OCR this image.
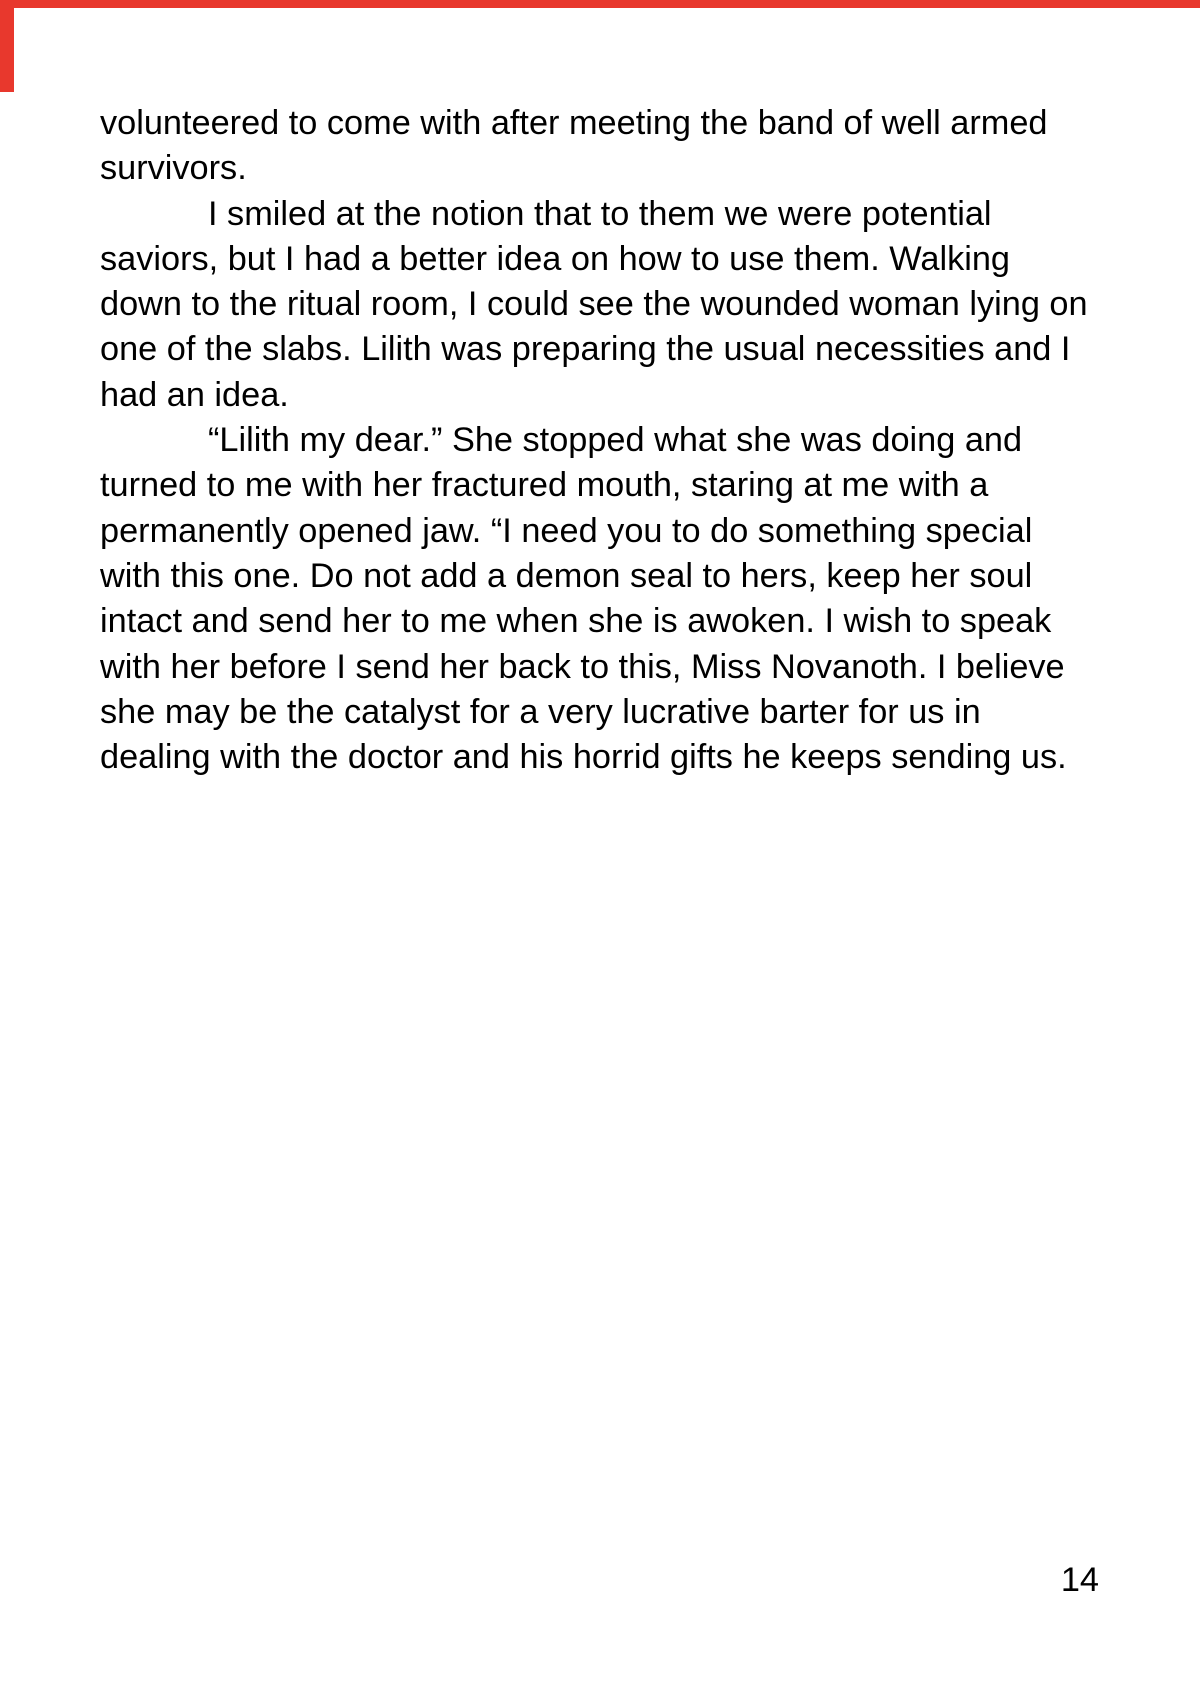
volunteered to come with after meeting the band of well armed
survivors.
I smiled at the notion that to them we were potential
saviors, but I had a better idea on how to use them. Walking
down to the ritual room, I could see the wounded woman lying on
one of the slabs. Lilith was preparing the usual necessities and I
had an idea.
“Lilith my dear.” She stopped what she was doing and
turned to me with her fractured mouth, staring at me with a
permanently opened jaw. “I need you to do something special
with this one. Do not add a demon seal to hers, keep her soul
intact and send her to me when she is awoken. I wish to speak
with her before I send her back to this, Miss Novanoth. I believe
she may be the catalyst for a very lucrative barter for us in
dealing with the doctor and his horrid gifts he keeps sending us.
14
